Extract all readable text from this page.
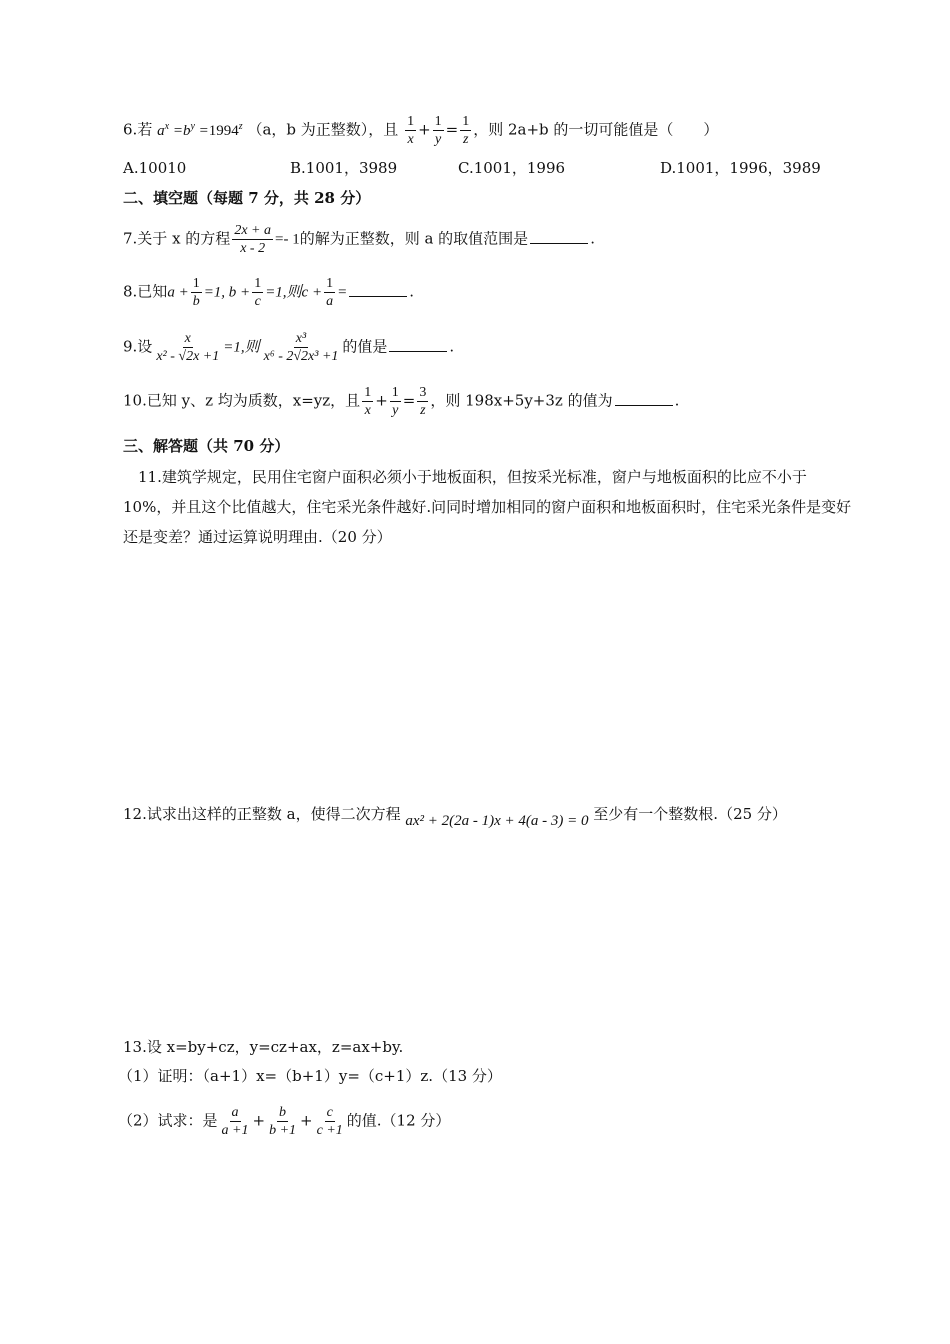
6.若 $a^x =b^y =1994^z$ （a，b 为正整数），且 $\frac{1}{x} + \frac{1}{y} = \frac{1}{z}$ ，则 2a+b 的一切可能值是（　　）
A.10010	B.1001，3989	C.1001，1996	D.1001，1996，3989
二、填空题（每题 7 分，共 28 分）
7.关于 x 的方程 $\frac{2x + a}{x - 2} =- 1$的解为正整数，则 a 的取值范围是	.
8.已知$a + \frac{1}{b} =1$, $b + \frac{1}{c} =1$,则$c + \frac{1}{a}$ =	.
9.设 $\frac{x}{\text{x² - √2x +1}} =1$,则 $\frac{\text{x³}}{\text{x⁶ - 2√2x³ +1}}$ 的值是	.
10.已知 y、z 均为质数，x=yz，且 $\frac{1}{x} + \frac{1}{y} = \frac{3}{z}$ ，则 198x+5y+3z 的值为	.
三、解答题（共 70 分）
11.建筑学规定，民用住宅窗户面积必须小于地板面积，但按采光标准，窗户与地板面积的比应不小于 10%，并且这个比值越大，住宅采光条件越好.问同时增加相同的窗户面积和地板面积时，住宅采光条件是变好还是变差？通过运算说明理由.（20 分）
12.试求出这样的正整数 a，使得二次方程 ax² + 2(2a - 1)x + 4(a - 3) = 0 至少有一个整数根.（25 分）
13.设 x=by+cz，y=cz+ax，z=ax+by.
（1）证明：（a+1）x=（b+1）y=（c+1）z.（13 分）
（2）试求：是 $\frac{a}{a +1} + \frac{b}{b +1} + \frac{c}{c +1}$ 的值.（12 分）
